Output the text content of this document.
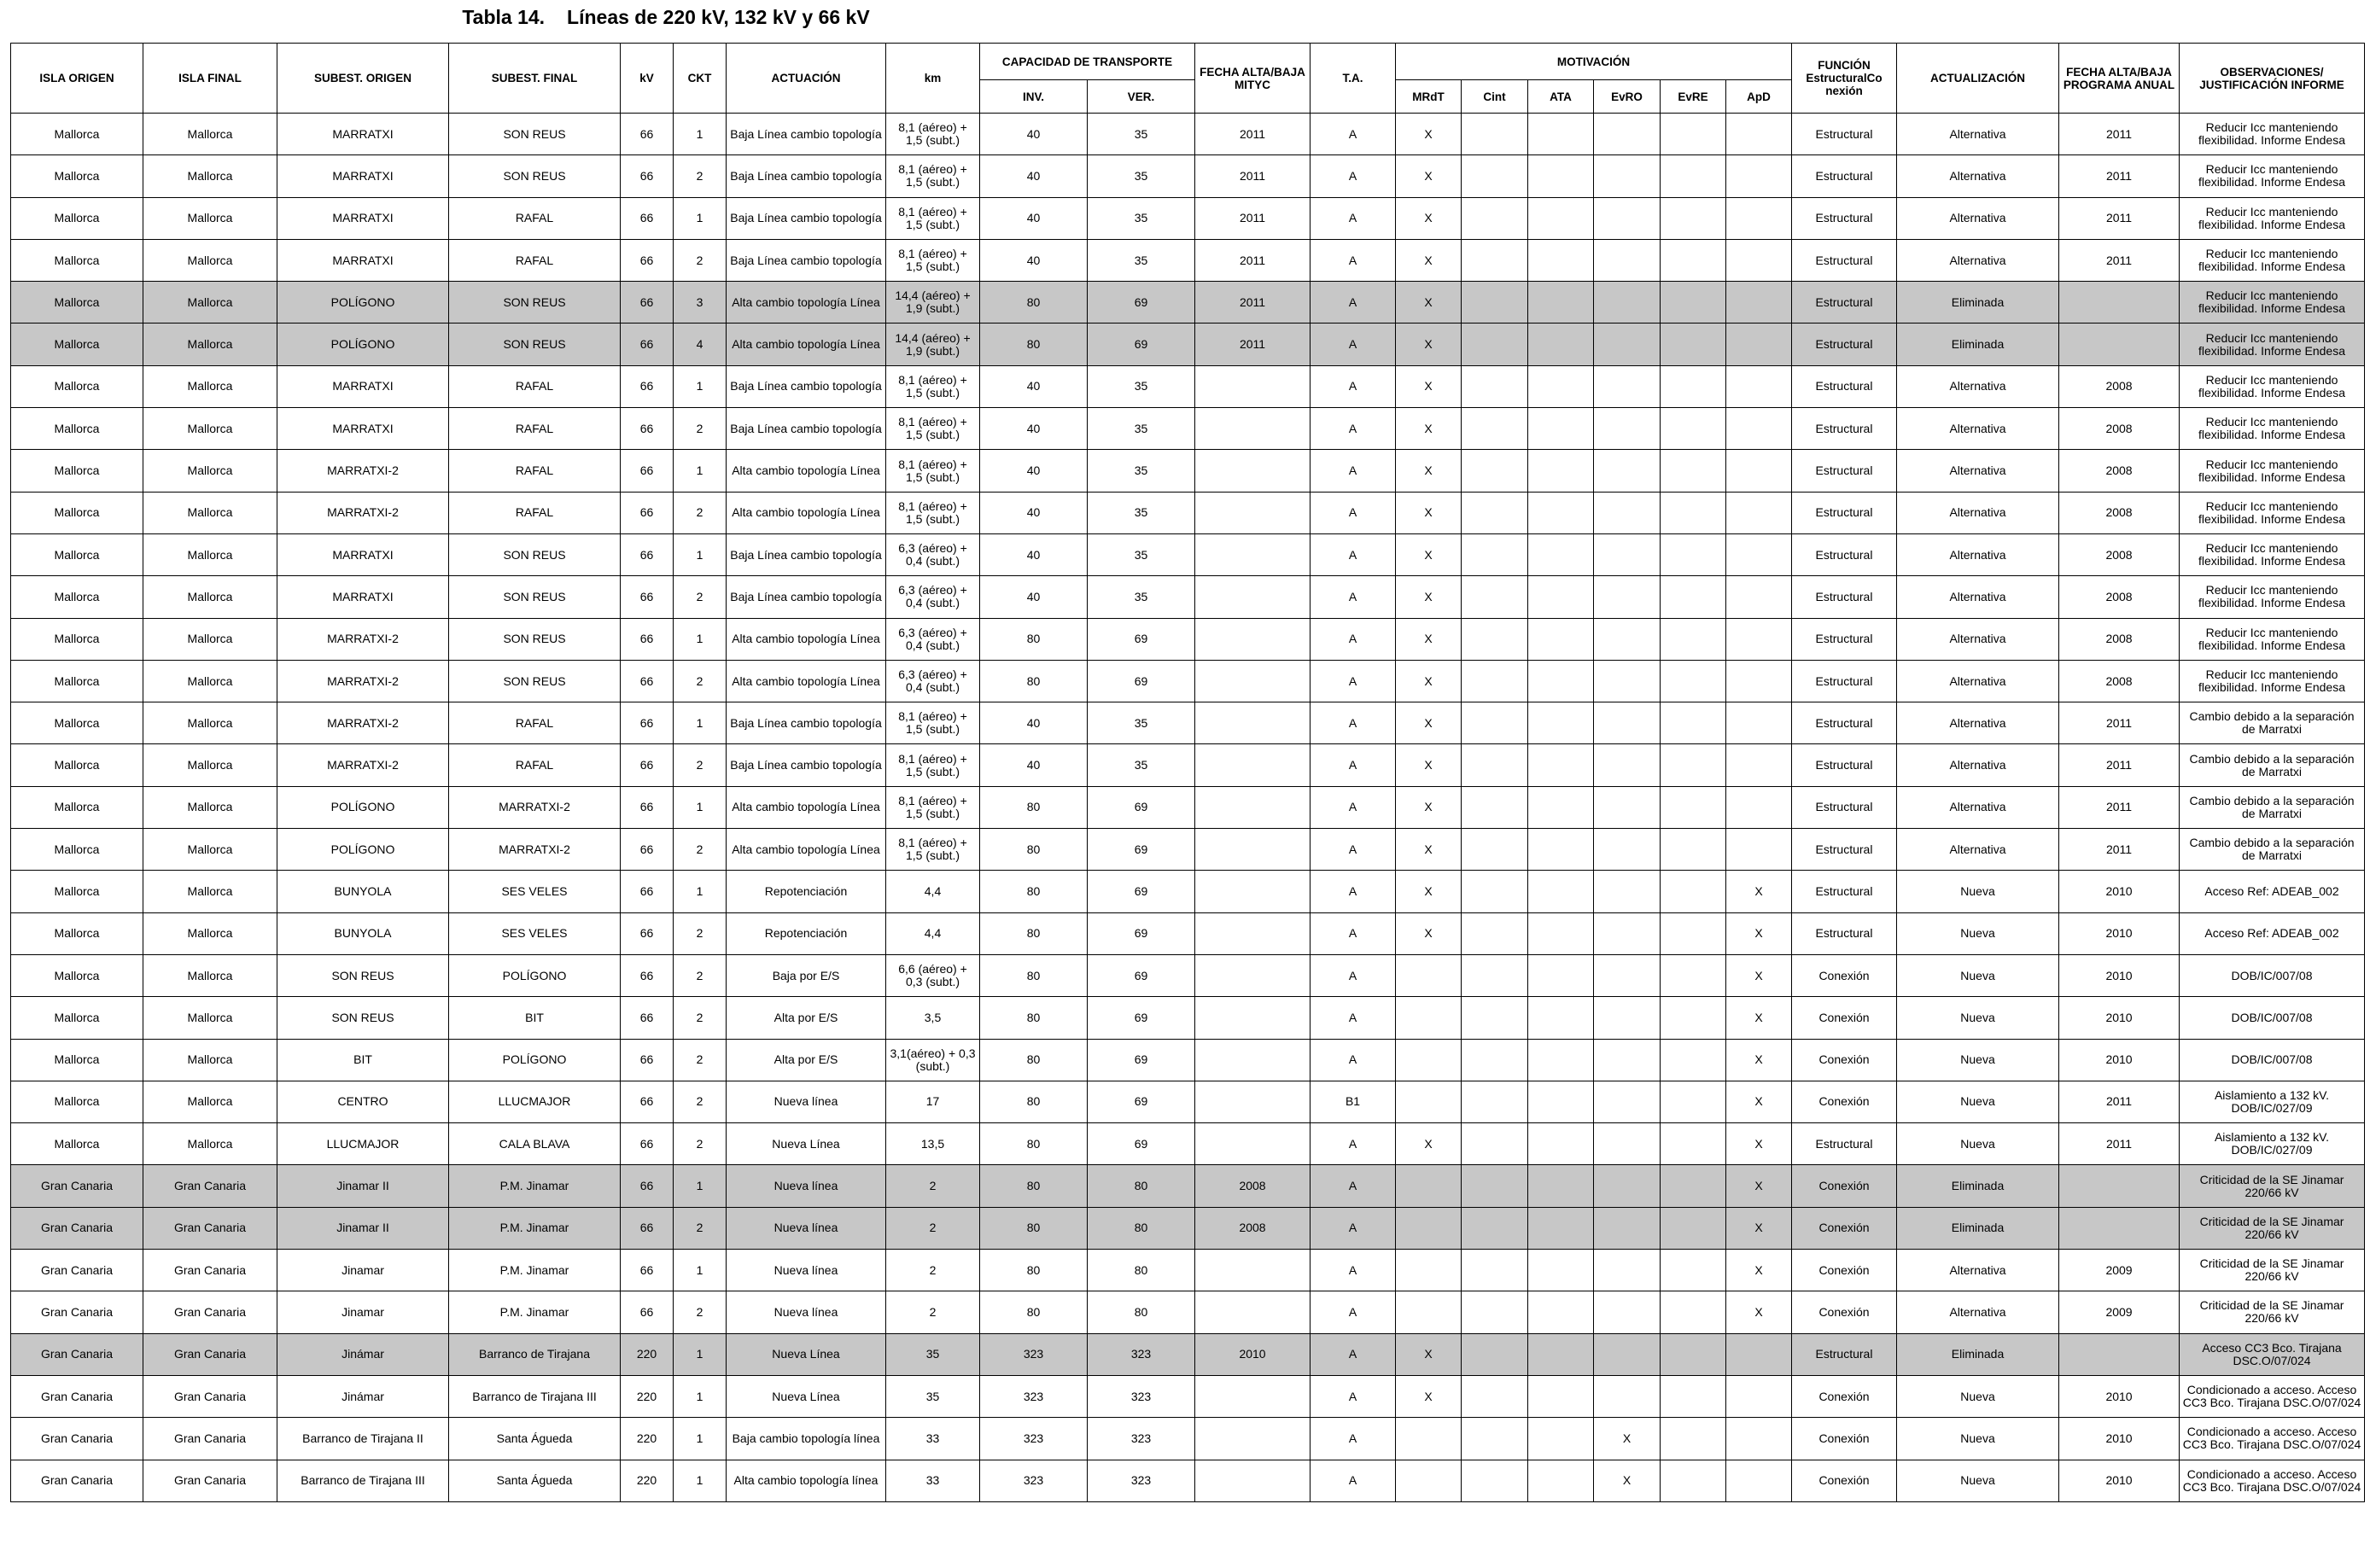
Tabla 14. Líneas de 220 kV, 132 kV y 66 kV
ISLA ORIGEN	ISLA FINAL	SUBEST. ORIGEN	SUBEST. FINAL	kV	CKT	ACTUACIÓN	km	CAPACIDAD DE TRANSPORTE		FECHA ALTA/BAJA MITYC	T.A.	MOTIVACIÓN						FUNCIÓN EstructuralCo nexión	ACTUALIZACIÓN	FECHA ALTA/BAJA PROGRAMA ANUAL	OBSERVACIONES/ JUSTIFICACIÓN INFORME
								INV.	VER.			MRdT	Cint	ATA	EvRO	EvRE	ApD				
Mallorca	Mallorca	MARRATXI	SON REUS	66	1	Baja Línea cambio topología	8,1 (aéreo) + 1,5 (subt.)	40	35	2011	A	X						Estructural	Alternativa	2011	Reducir Icc manteniendo flexibilidad. Informe Endesa
Mallorca	Mallorca	MARRATXI	SON REUS	66	2	Baja Línea cambio topología	8,1 (aéreo) + 1,5 (subt.)	40	35	2011	A	X						Estructural	Alternativa	2011	Reducir Icc manteniendo flexibilidad. Informe Endesa
Mallorca	Mallorca	MARRATXI	RAFAL	66	1	Baja Línea cambio topología	8,1 (aéreo) + 1,5 (subt.)	40	35	2011	A	X						Estructural	Alternativa	2011	Reducir Icc manteniendo flexibilidad. Informe Endesa
Mallorca	Mallorca	MARRATXI	RAFAL	66	2	Baja Línea cambio topología	8,1 (aéreo) + 1,5 (subt.)	40	35	2011	A	X						Estructural	Alternativa	2011	Reducir Icc manteniendo flexibilidad. Informe Endesa
Mallorca	Mallorca	POLÍGONO	SON REUS	66	3	Alta cambio topología Línea	14,4 (aéreo) + 1,9 (subt.)	80	69	2011	A	X						Estructural	Eliminada		Reducir Icc manteniendo flexibilidad. Informe Endesa
Mallorca	Mallorca	POLÍGONO	SON REUS	66	4	Alta cambio topología Línea	14,4 (aéreo) + 1,9 (subt.)	80	69	2011	A	X						Estructural	Eliminada		Reducir Icc manteniendo flexibilidad. Informe Endesa
Mallorca	Mallorca	MARRATXI	RAFAL	66	1	Baja Línea cambio topología	8,1 (aéreo) + 1,5 (subt.)	40	35		A	X						Estructural	Alternativa	2008	Reducir Icc manteniendo flexibilidad. Informe Endesa
Mallorca	Mallorca	MARRATXI	RAFAL	66	2	Baja Línea cambio topología	8,1 (aéreo) + 1,5 (subt.)	40	35		A	X						Estructural	Alternativa	2008	Reducir Icc manteniendo flexibilidad. Informe Endesa
Mallorca	Mallorca	MARRATXI-2	RAFAL	66	1	Alta cambio topología Línea	8,1 (aéreo) + 1,5 (subt.)	40	35		A	X						Estructural	Alternativa	2008	Reducir Icc manteniendo flexibilidad. Informe Endesa
Mallorca	Mallorca	MARRATXI-2	RAFAL	66	2	Alta cambio topología Línea	8,1 (aéreo) + 1,5 (subt.)	40	35		A	X						Estructural	Alternativa	2008	Reducir Icc manteniendo flexibilidad. Informe Endesa
Mallorca	Mallorca	MARRATXI	SON REUS	66	1	Baja Línea cambio topología	6,3 (aéreo) + 0,4 (subt.)	40	35		A	X						Estructural	Alternativa	2008	Reducir Icc manteniendo flexibilidad. Informe Endesa
Mallorca	Mallorca	MARRATXI	SON REUS	66	2	Baja Línea cambio topología	6,3 (aéreo) + 0,4 (subt.)	40	35		A	X						Estructural	Alternativa	2008	Reducir Icc manteniendo flexibilidad. Informe Endesa
Mallorca	Mallorca	MARRATXI-2	SON REUS	66	1	Alta cambio topología Línea	6,3 (aéreo) + 0,4 (subt.)	80	69		A	X						Estructural	Alternativa	2008	Reducir Icc manteniendo flexibilidad. Informe Endesa
Mallorca	Mallorca	MARRATXI-2	SON REUS	66	2	Alta cambio topología Línea	6,3 (aéreo) + 0,4 (subt.)	80	69		A	X						Estructural	Alternativa	2008	Reducir Icc manteniendo flexibilidad. Informe Endesa
Mallorca	Mallorca	MARRATXI-2	RAFAL	66	1	Baja Línea cambio topología	8,1 (aéreo) + 1,5 (subt.)	40	35		A	X						Estructural	Alternativa	2011	Cambio debido a la separación de Marratxi
Mallorca	Mallorca	MARRATXI-2	RAFAL	66	2	Baja Línea cambio topología	8,1 (aéreo) + 1,5 (subt.)	40	35		A	X						Estructural	Alternativa	2011	Cambio debido a la separación de Marratxi
Mallorca	Mallorca	POLÍGONO	MARRATXI-2	66	1	Alta cambio topología Línea	8,1 (aéreo) + 1,5 (subt.)	80	69		A	X						Estructural	Alternativa	2011	Cambio debido a la separación de Marratxi
Mallorca	Mallorca	POLÍGONO	MARRATXI-2	66	2	Alta cambio topología Línea	8,1 (aéreo) + 1,5 (subt.)	80	69		A	X						Estructural	Alternativa	2011	Cambio debido a la separación de Marratxi
Mallorca	Mallorca	BUNYOLA	SES VELES	66	1	Repotenciación	4,4	80	69		A	X					X	Estructural	Nueva	2010	Acceso Ref: ADEAB_002
Mallorca	Mallorca	BUNYOLA	SES VELES	66	2	Repotenciación	4,4	80	69		A	X					X	Estructural	Nueva	2010	Acceso Ref: ADEAB_002
Mallorca	Mallorca	SON REUS	POLÍGONO	66	2	Baja por E/S	6,6 (aéreo) + 0,3 (subt.)	80	69		A						X	Conexión	Nueva	2010	DOB/IC/007/08
Mallorca	Mallorca	SON REUS	BIT	66	2	Alta por E/S	3,5	80	69		A						X	Conexión	Nueva	2010	DOB/IC/007/08
Mallorca	Mallorca	BIT	POLÍGONO	66	2	Alta por E/S	3,1(aéreo) + 0,3 (subt.)	80	69		A						X	Conexión	Nueva	2010	DOB/IC/007/08
Mallorca	Mallorca	CENTRO	LLUCMAJOR	66	2	Nueva línea	17	80	69		B1						X	Conexión	Nueva	2011	Aislamiento a 132 kV. DOB/IC/027/09
Mallorca	Mallorca	LLUCMAJOR	CALA BLAVA	66	2	Nueva Línea	13,5	80	69		A	X					X	Estructural	Nueva	2011	Aislamiento a 132 kV. DOB/IC/027/09
Gran Canaria	Gran Canaria	Jinamar II	P.M. Jinamar	66	1	Nueva línea	2	80	80	2008	A						X	Conexión	Eliminada		Criticidad de la SE Jinamar 220/66 kV
Gran Canaria	Gran Canaria	Jinamar II	P.M. Jinamar	66	2	Nueva línea	2	80	80	2008	A						X	Conexión	Eliminada		Criticidad de la SE Jinamar 220/66 kV
Gran Canaria	Gran Canaria	Jinamar	P.M. Jinamar	66	1	Nueva línea	2	80	80		A						X	Conexión	Alternativa	2009	Criticidad de la SE Jinamar 220/66 kV
Gran Canaria	Gran Canaria	Jinamar	P.M. Jinamar	66	2	Nueva línea	2	80	80		A						X	Conexión	Alternativa	2009	Criticidad de la SE Jinamar 220/66 kV
Gran Canaria	Gran Canaria	Jinámar	Barranco de Tirajana	220	1	Nueva Línea	35	323	323	2010	A	X						Estructural	Eliminada		Acceso CC3 Bco. Tirajana DSC.O/07/024
Gran Canaria	Gran Canaria	Jinámar	Barranco de Tirajana III	220	1	Nueva Línea	35	323	323		A	X						Conexión	Nueva	2010	Condicionado a acceso. Acceso CC3 Bco. Tirajana DSC.O/07/024
Gran Canaria	Gran Canaria	Barranco de Tirajana II	Santa Águeda	220	1	Baja cambio topología línea	33	323	323		A				X			Conexión	Nueva	2010	Condicionado a acceso. Acceso CC3 Bco. Tirajana DSC.O/07/024
Gran Canaria	Gran Canaria	Barranco de Tirajana III	Santa Águeda	220	1	Alta cambio topología línea	33	323	323		A				X			Conexión	Nueva	2010	Condicionado a acceso. Acceso CC3 Bco. Tirajana DSC.O/07/024
